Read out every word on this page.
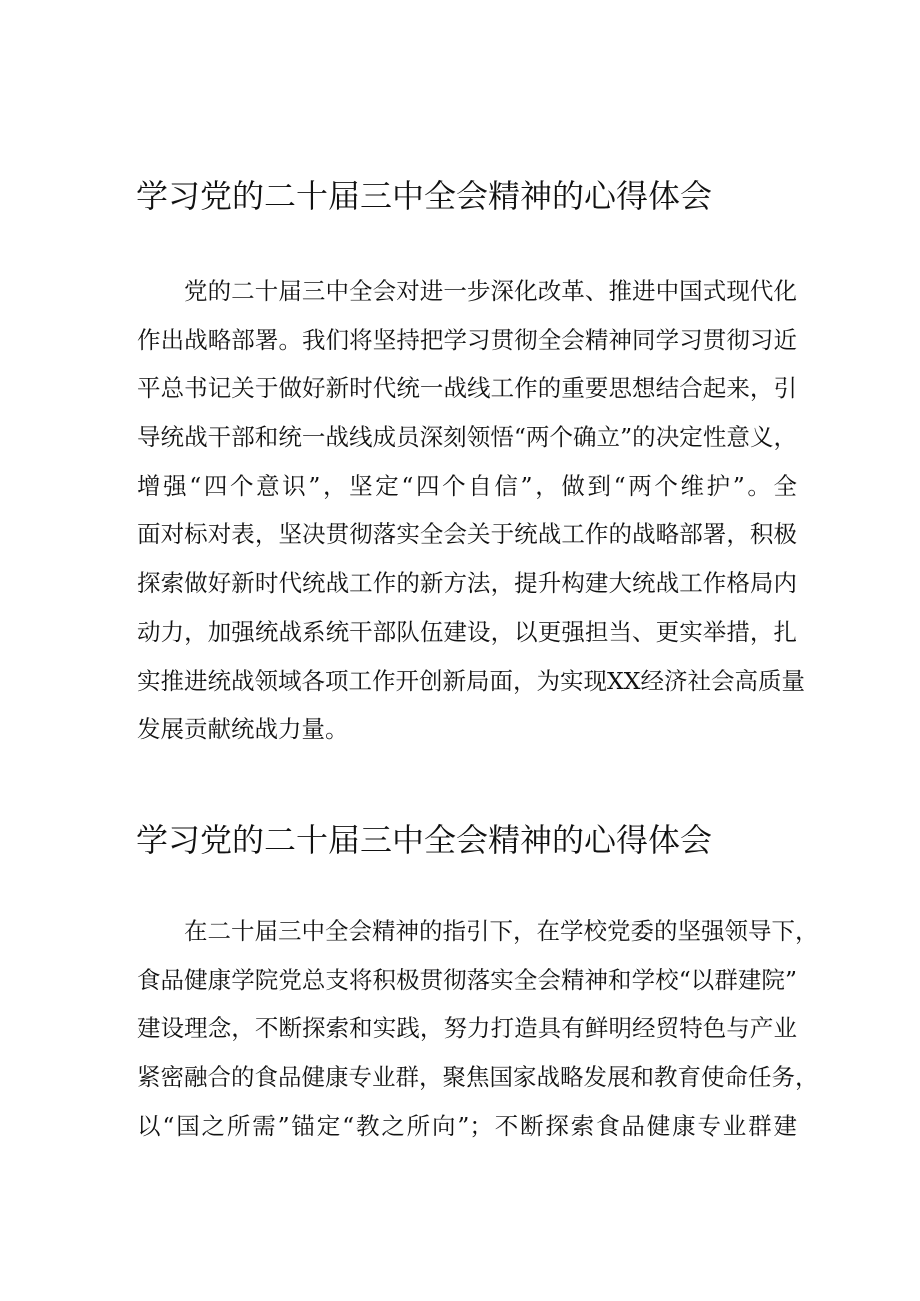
学习党的二十届三中全会精神的心得体会
党的二十届三中全会对进一步深化改革、推进中国式现代化
作出战略部署。我们将坚持把学习贯彻全会精神同学习贯彻习近
平总书记关于做好新时代统一战线工作的重要思想结合起来，引
导统战干部和统一战线成员深刻领悟“两个确立”的决定性意义，
增强“四个意识”，坚定“四个自信”，做到“两个维护”。全
面对标对表，坚决贯彻落实全会关于统战工作的战略部署，积极
探索做好新时代统战工作的新方法，提升构建大统战工作格局内
动力，加强统战系统干部队伍建设，以更强担当、更实举措，扎
实推进统战领域各项工作开创新局面，为实现XX经济社会高质量
发展贡献统战力量。
学习党的二十届三中全会精神的心得体会
在二十届三中全会精神的指引下，在学校党委的坚强领导下，
食品健康学院党总支将积极贯彻落实全会精神和学校“以群建院”
建设理念，不断探索和实践，努力打造具有鲜明经贸特色与产业
紧密融合的食品健康专业群，聚焦国家战略发展和教育使命任务，
以“国之所需”锚定“教之所向”；不断探索食品健康专业群建
